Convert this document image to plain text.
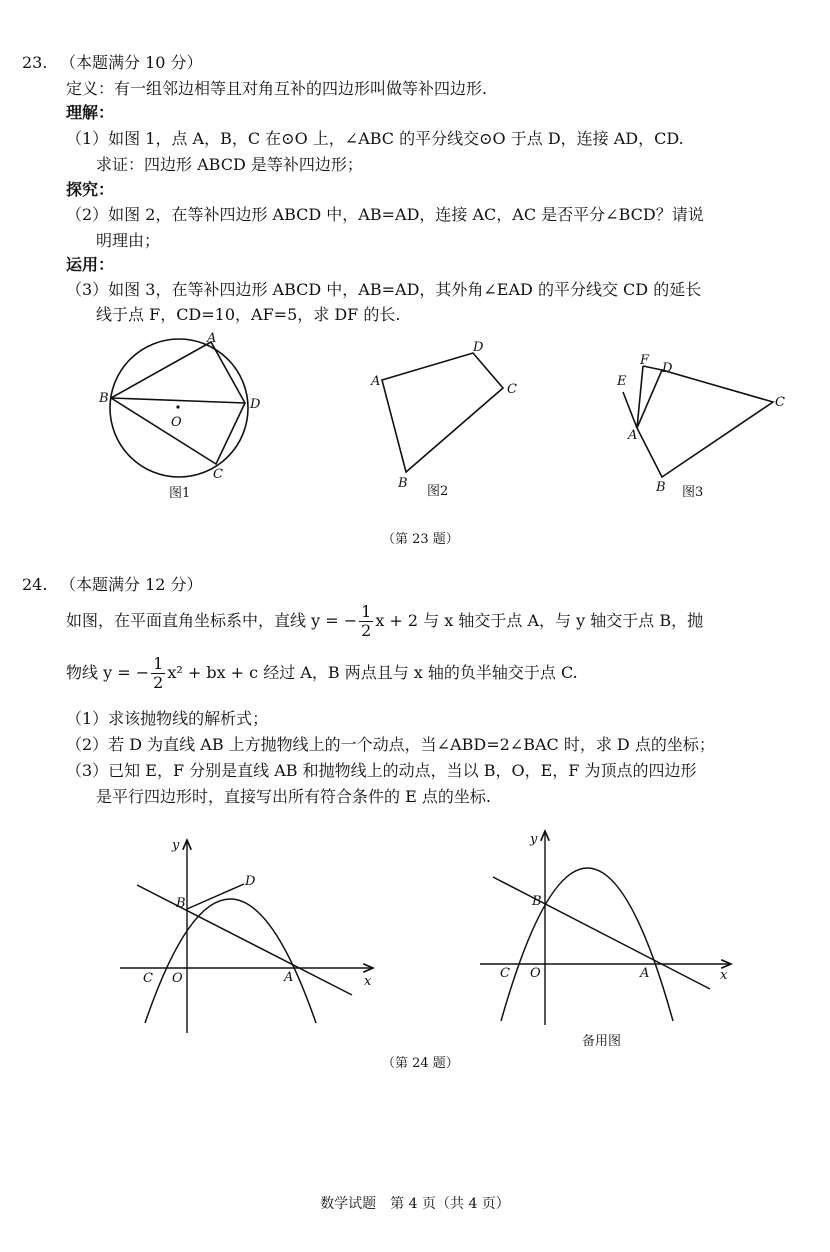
23. （本题满分 10 分）
定义：有一组邻边相等且对角互补的四边形叫做等补四边形.
理解：
（1）如图 1，点 A，B，C 在⊙O 上，∠ABC 的平分线交⊙O 于点 D，连接 AD，CD.
求证：四边形 ABCD 是等补四边形；
探究：
（2）如图 2，在等补四边形 ABCD 中，AB=AD，连接 AC，AC 是否平分∠BCD？请说
明理由；
运用：
（3）如图 3，在等补四边形 ABCD 中，AB=AD，其外角∠EAD 的平分线交 CD 的延长
线于点 F，CD=10，AF=5，求 DF 的长.
A
B
C
D
O
图1
A
B
C
D
图2
A
B
C
D
E
F
图3
（第 23 题）
24. （本题满分 12 分）
如图，在平面直角坐标系中，直线 y = − $\frac{1}{2}$ x + 2 与 x 轴交于点 A，与 y 轴交于点 B，抛
物线 y = − $\frac{1}{2} x^2$ + bx + c 经过 A，B 两点且与 x 轴的负半轴交于点 C.
（1）求该抛物线的解析式；
（2）若 D 为直线 AB 上方抛物线上的一个动点，当∠ABD=2∠BAC 时，求 D 点的坐标；
（3）已知 E，F 分别是直线 AB 和抛物线上的动点，当以 B，O，E，F 为顶点的四边形
是平行四边形时，直接写出所有符合条件的 E 点的坐标.
y
x
B
D
A
C O
y
x
B
A
C O
备用图
（第 24 题）
数学试题　第 4 页（共 4 页）
